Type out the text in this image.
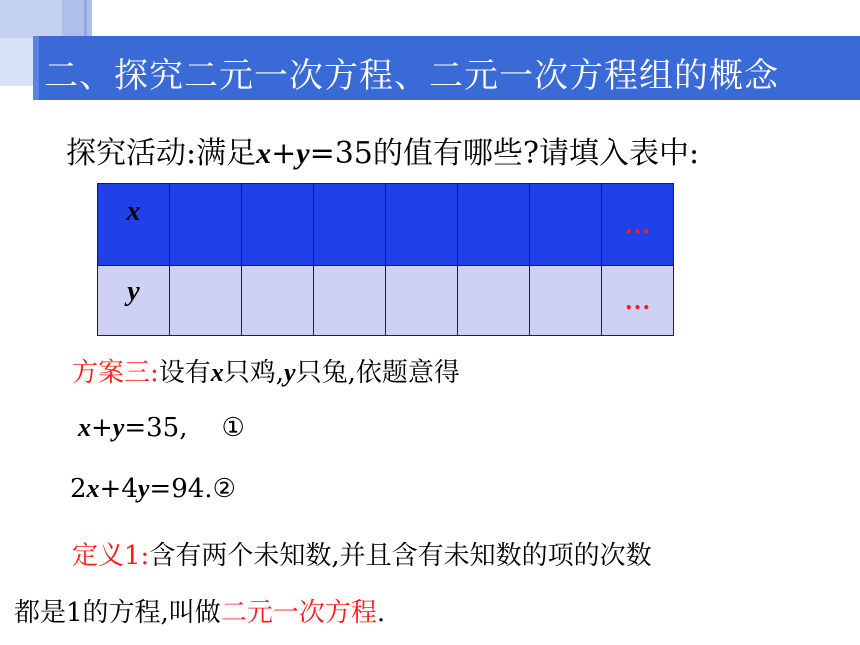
二、探究二元一次方程、二元一次方程组的概念
探究活动:满足x+y=35的值有哪些?请填入表中:
x							…
y							…
方案三:设有x只鸡,y只兔,依题意得
x+y=35, ①
2x+4y=94.②
定义1:含有两个未知数,并且含有未知数的项的次数
都是1的方程,叫做二元一次方程.
